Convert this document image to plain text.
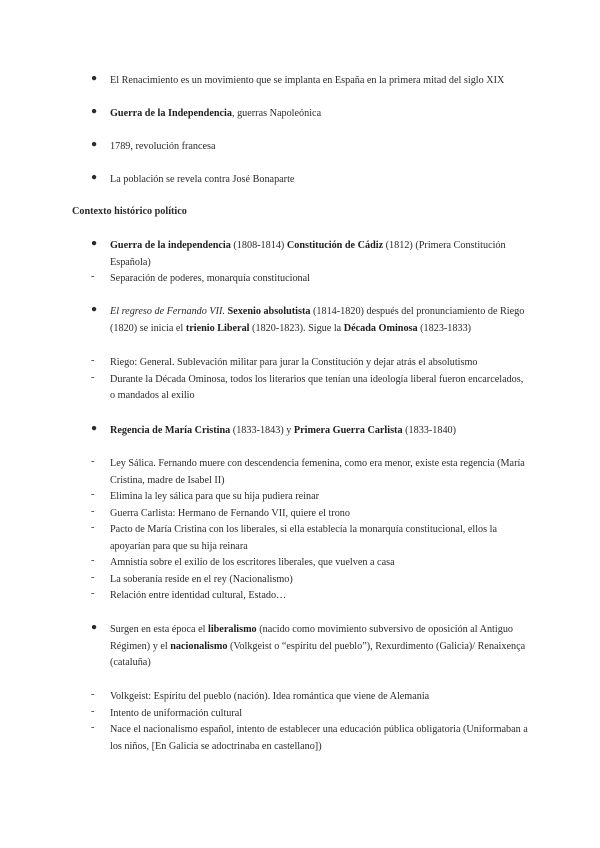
● El Renacimiento es un movimiento que se implanta en España en la primera mitad del siglo XIX
● Guerra de la Independencia, guerras Napoleónica
● 1789, revolución francesa
● La población se revela contra José Bonaparte
Contexto histórico político
● Guerra de la independencia (1808-1814) Constitución de Cádiz (1812) (Primera Constitución Española)
- Separación de poderes, monarquía constitucional
● El regreso de Fernando VII. Sexenio absolutista (1814-1820) después del pronunciamiento de Riego (1820) se inicia el trienio Liberal (1820-1823). Sigue la Década Ominosa (1823-1833)
- Riego: General. Sublevación militar para jurar la Constitución y dejar atrás el absolutismo
- Durante la Década Ominosa, todos los literarios que tenían una ideología liberal fueron encarcelados, o mandados al exilio
● Regencia de María Cristina (1833-1843) y Primera Guerra Carlista (1833-1840)
- Ley Sálica. Fernando muere con descendencia femenina, como era menor, existe esta regencia (María Cristina, madre de Isabel II)
- Elimina la ley sálica para que su hija pudiera reinar
- Guerra Carlista: Hermano de Fernando VII, quiere el trono
- Pacto de María Cristina con los liberales, si ella establecía la monarquía constitucional, ellos la apoyarían para que su hija reinara
- Amnistía sobre el exilio de los escritores liberales, que vuelven a casa
- La soberanía reside en el rey (Nacionalismo)
- Relación entre identidad cultural, Estado…
● Surgen en esta época el liberalismo (nacido como movimiento subversivo de oposición al Antiguo Régimen) y el nacionalismo (Volkgeist o “espíritu del pueblo”), Rexurdimento (Galicia)/ Renaixença (cataluña)
- Volkgeist: Espíritu del pueblo (nación). Idea romántica que viene de Alemania
- Intento de uniformación cultural
- Nace el nacionalismo español, intento de establecer una educación pública obligatoria (Uniformaban a los niños, [En Galicia se adoctrinaba en castellano])
